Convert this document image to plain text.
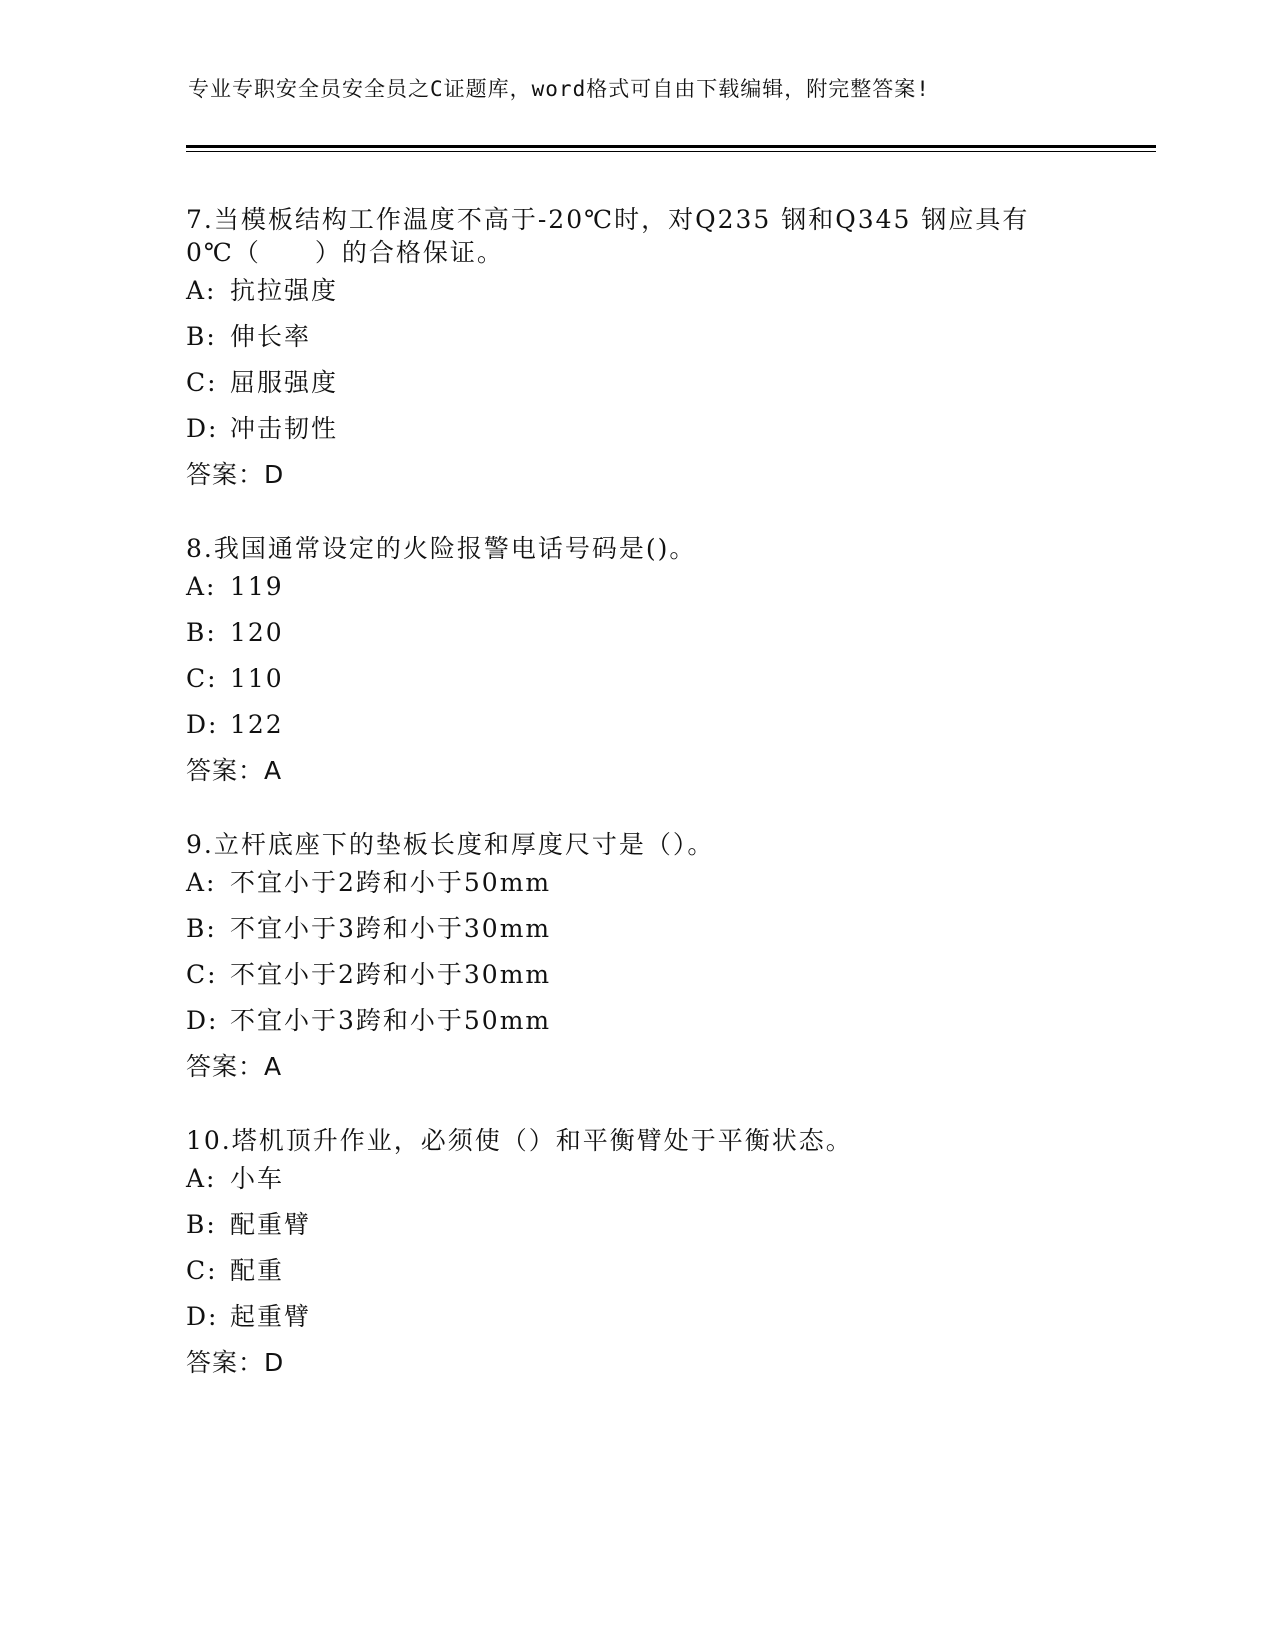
专业专职安全员安全员之C证题库，word格式可自由下载编辑，附完整答案!
7.当模板结构工作温度不高于-20℃时，对Q235 钢和Q345 钢应具有0℃（　　）的合格保证。
A: 抗拉强度
B: 伸长率
C: 屈服强度
D: 冲击韧性
答案：D
8.我国通常设定的火险报警电话号码是()。
A: 119
B: 120
C: 110
D: 122
答案：A
9.立杆底座下的垫板长度和厚度尺寸是（）。
A: 不宜小于2跨和小于50mm
B: 不宜小于3跨和小于30mm
C: 不宜小于2跨和小于30mm
D: 不宜小于3跨和小于50mm
答案：A
10.塔机顶升作业，必须使（）和平衡臂处于平衡状态。
A: 小车
B: 配重臂
C: 配重
D: 起重臂
答案：D
